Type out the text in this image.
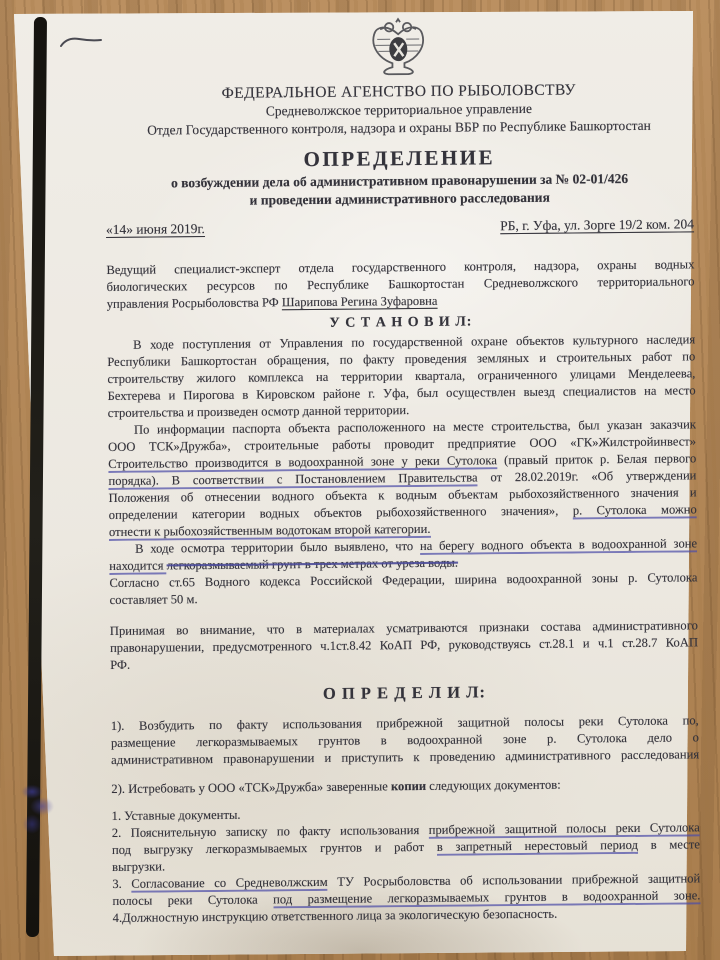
ФЕДЕРАЛЬНОЕ АГЕНСТВО ПО РЫБОЛОВСТВУ
Средневолжское территориальное управление
Отдел Государственного контроля, надзора и охраны ВБР по Республике Башкортостан
ОПРЕДЕЛЕНИЕ
о возбуждении дела об административном правонарушении за № 02-01/426
и проведении административного расследования
«14» июня 2019г.	РБ, г. Уфа, ул. Зорге 19/2 ком. 204
Ведущий специалист-эксперт отдела государственного контроля, надзора, охраны водных
биологических ресурсов по Республике Башкортостан Средневолжского территориального
управления Росрыболовства РФ Шарипова Регина Зуфаровна
У С Т А Н О В И Л:
В ходе поступления от Управления по государственной охране объектов культурного наследия
Республики Башкортостан обращения, по факту проведения земляных и строительных работ по
строительству жилого комплекса на территории квартала, ограниченного улицами Менделеева,
Бехтерева и Пирогова в Кировском районе г. Уфа, был осуществлен выезд специалистов на место
строительства и произведен осмотр данной территории.
По информации паспорта объекта расположенного на месте строительства, был указан заказчик
ООО ТСК»Дружба», строительные работы проводит предприятие ООО «ГК»Жилстройинвест»
Строительство производится в водоохранной зоне у реки Сутолока (правый приток р. Белая первого
порядка). В соответствии с Постановлением Правительства от 28.02.2019г. «Об утверждении
Положения об отнесении водного объекта к водным объектам рыбохозяйственного значения и
определении категории водных объектов рыбохозяйственного значения», р. Сутолока можно
отнести к рыбохозяйственным водотокам второй категории.
В ходе осмотра территории было выявлено, что на берегу водного объекта в водоохранной зоне
находится легкоразмываемый грунт в трех метрах от уреза воды.
Согласно ст.65 Водного кодекса Российской Федерации, ширина водоохранной зоны р. Сутолока
составляет 50 м.
Принимая во внимание, что в материалах усматриваются признаки состава административного
правонарушении, предусмотренного ч.1ст.8.42 КоАП РФ, руководствуясь ст.28.1 и ч.1 ст.28.7 КоАП
РФ.
О П Р Е Д Е Л И Л:
1). Возбудить по факту использования прибрежной защитной полосы реки Сутолока по,
размещение легкоразмываемых грунтов в водоохранной зоне р. Сутолока дело о
административном правонарушении и приступить к проведению административного расследования
2). Истребовать у ООО «ТСК»Дружба» заверенные копии следующих документов:
1. Уставные документы.
2. Пояснительную записку по факту использования прибрежной защитной полосы реки Сутолока
под выгрузку легкоразмываемых грунтов и работ в запретный нерестовый период в месте
выгрузки.
3. Согласование со Средневолжским ТУ Росрыболовства об использовании прибрежной защитной
полосы реки Сутолока под размещение легкоразмываемых грунтов в водоохранной зоне.
4.Должностную инструкцию ответственного лица за экологическую безопасность.
